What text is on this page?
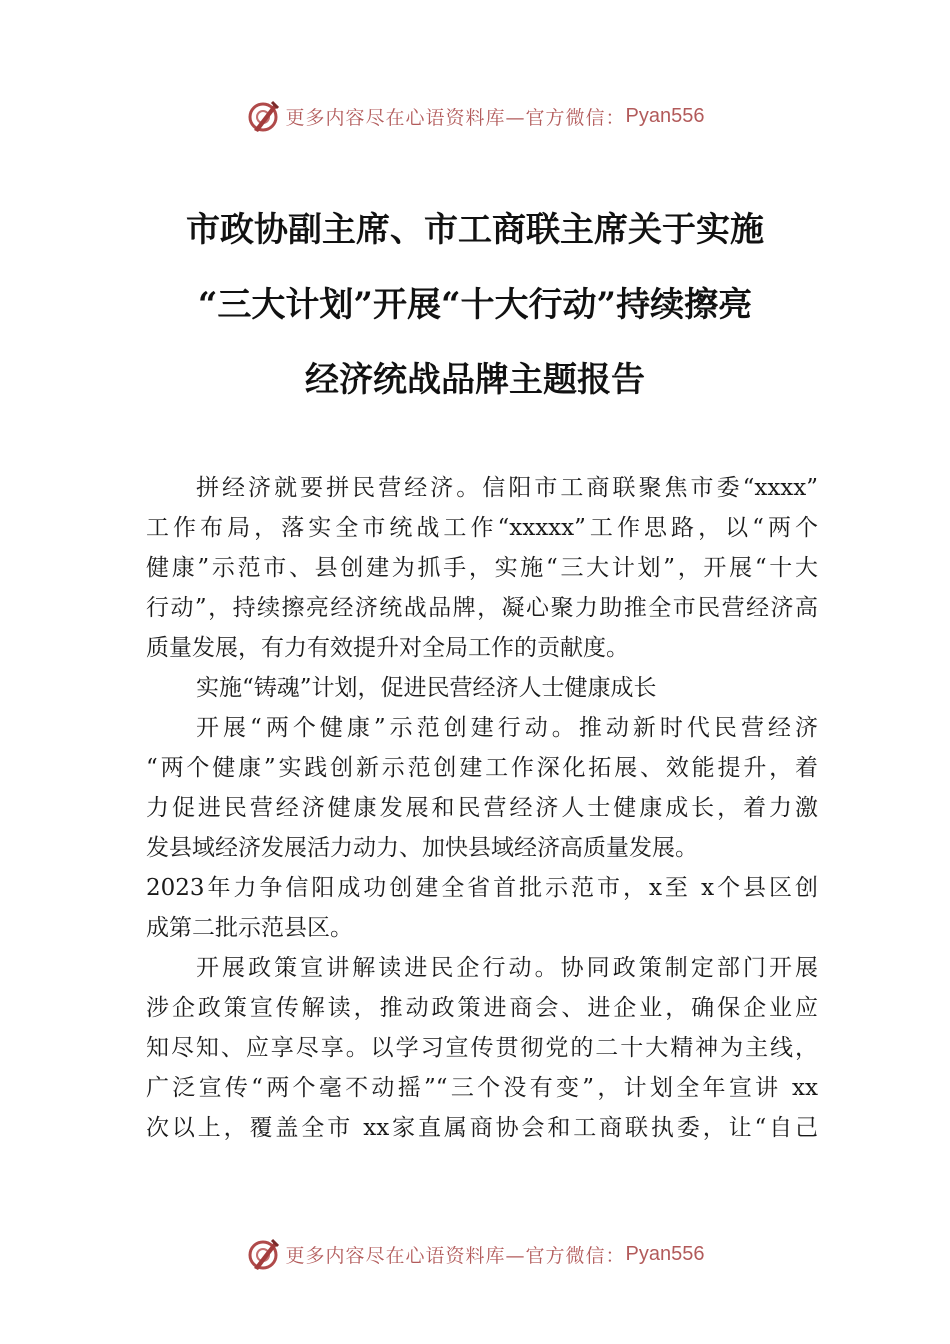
更多内容尽在心语资料库—官方微信： Pyan556
市政协副主席、市工商联主席关于实施
“三大计划”开展“十大行动”持续擦亮
经济统战品牌主题报告
拼经济就要拼民营经济。信阳市工商联聚焦市委“xxxx”
工作布局，落实全市统战工作“xxxxx”工作思路，以“两个
健康”示范市、县创建为抓手，实施“三大计划”，开展“十大
行动”，持续擦亮经济统战品牌，凝心聚力助推全市民营经济高
质量发展，有力有效提升对全局工作的贡献度。
实施“铸魂”计划，促进民营经济人士健康成长
开展“两个健康”示范创建行动。推动新时代民营经济
“两个健康”实践创新示范创建工作深化拓展、效能提升，着
力促进民营经济健康发展和民营经济人士健康成长，着力激
发县域经济发展活力动力、加快县域经济高质量发展。
2023年力争信阳成功创建全省首批示范市，x至 x个县区创
成第二批示范县区。
开展政策宣讲解读进民企行动。协同政策制定部门开展
涉企政策宣传解读，推动政策进商会、进企业，确保企业应
知尽知、应享尽享。以学习宣传贯彻党的二十大精神为主线，
广泛宣传“两个毫不动摇”“三个没有变”，计划全年宣讲 xx
次以上，覆盖全市 xx家直属商协会和工商联执委，让“自己
更多内容尽在心语资料库—官方微信： Pyan556
